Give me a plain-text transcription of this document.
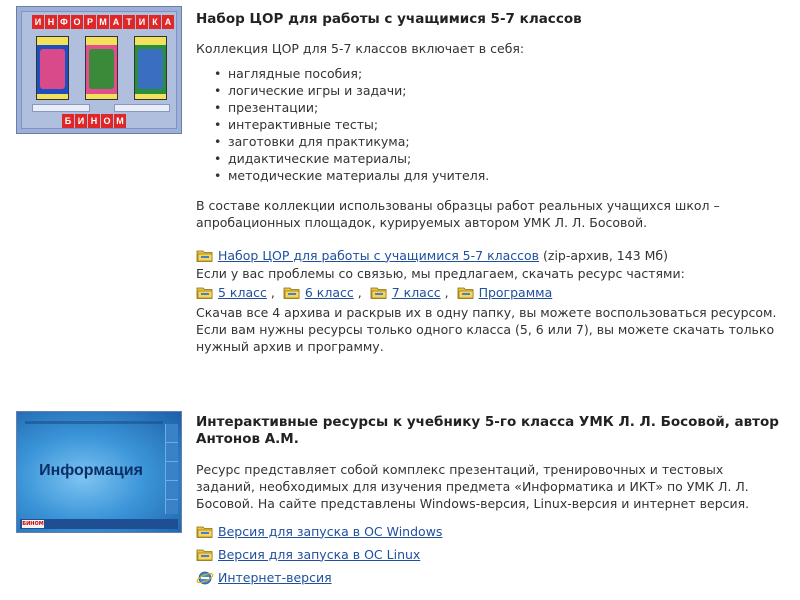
И Н Ф О Р М А Т И К А
Б И Н О М
Набор ЦОР для работы с учащимися 5-7 классов

Коллекция ЦОР для 5-7 классов включает в себя:

• наглядные пособия;
• логические игры и задачи;
• презентации;
• интерактивные тесты;
• заготовки для практикума;
• дидактические материалы;
• методические материалы для учителя.

В составе коллекции использованы образцы работ реальных учащихся школ – апробационных площадок, курируемых автором УМК Л. Л. Босовой.

Набор ЦОР для работы с учащимися 5-7 классов (zip-архив, 143 Мб)

Если у вас проблемы со связью, мы предлагаем, скачать ресурс частями:

5 класс , 6 класс , 7 класс , Программа

Скачав все 4 архива и раскрыв их в одну папку, вы можете воспользоваться ресурсом.

Если вам нужны ресурсы только одного класса (5, 6 или 7), вы можете скачать только нужный архив и программу.

Информация
БИНОМ
Интерактивные ресурсы к учебнику 5-го класса УМК Л. Л. Босовой, автор Антонов А.М.

Ресурс представляет собой комплекс презентаций, тренировочных и тестовых заданий, необходимых для изучения предмета «Информатика и ИКТ» по УМК Л. Л. Босовой. На сайте представлены Windows-версия, Linux-версия и интернет версия.

Версия для запуска в ОС Windows
Версия для запуска в ОС Linux
Интернет-версия
